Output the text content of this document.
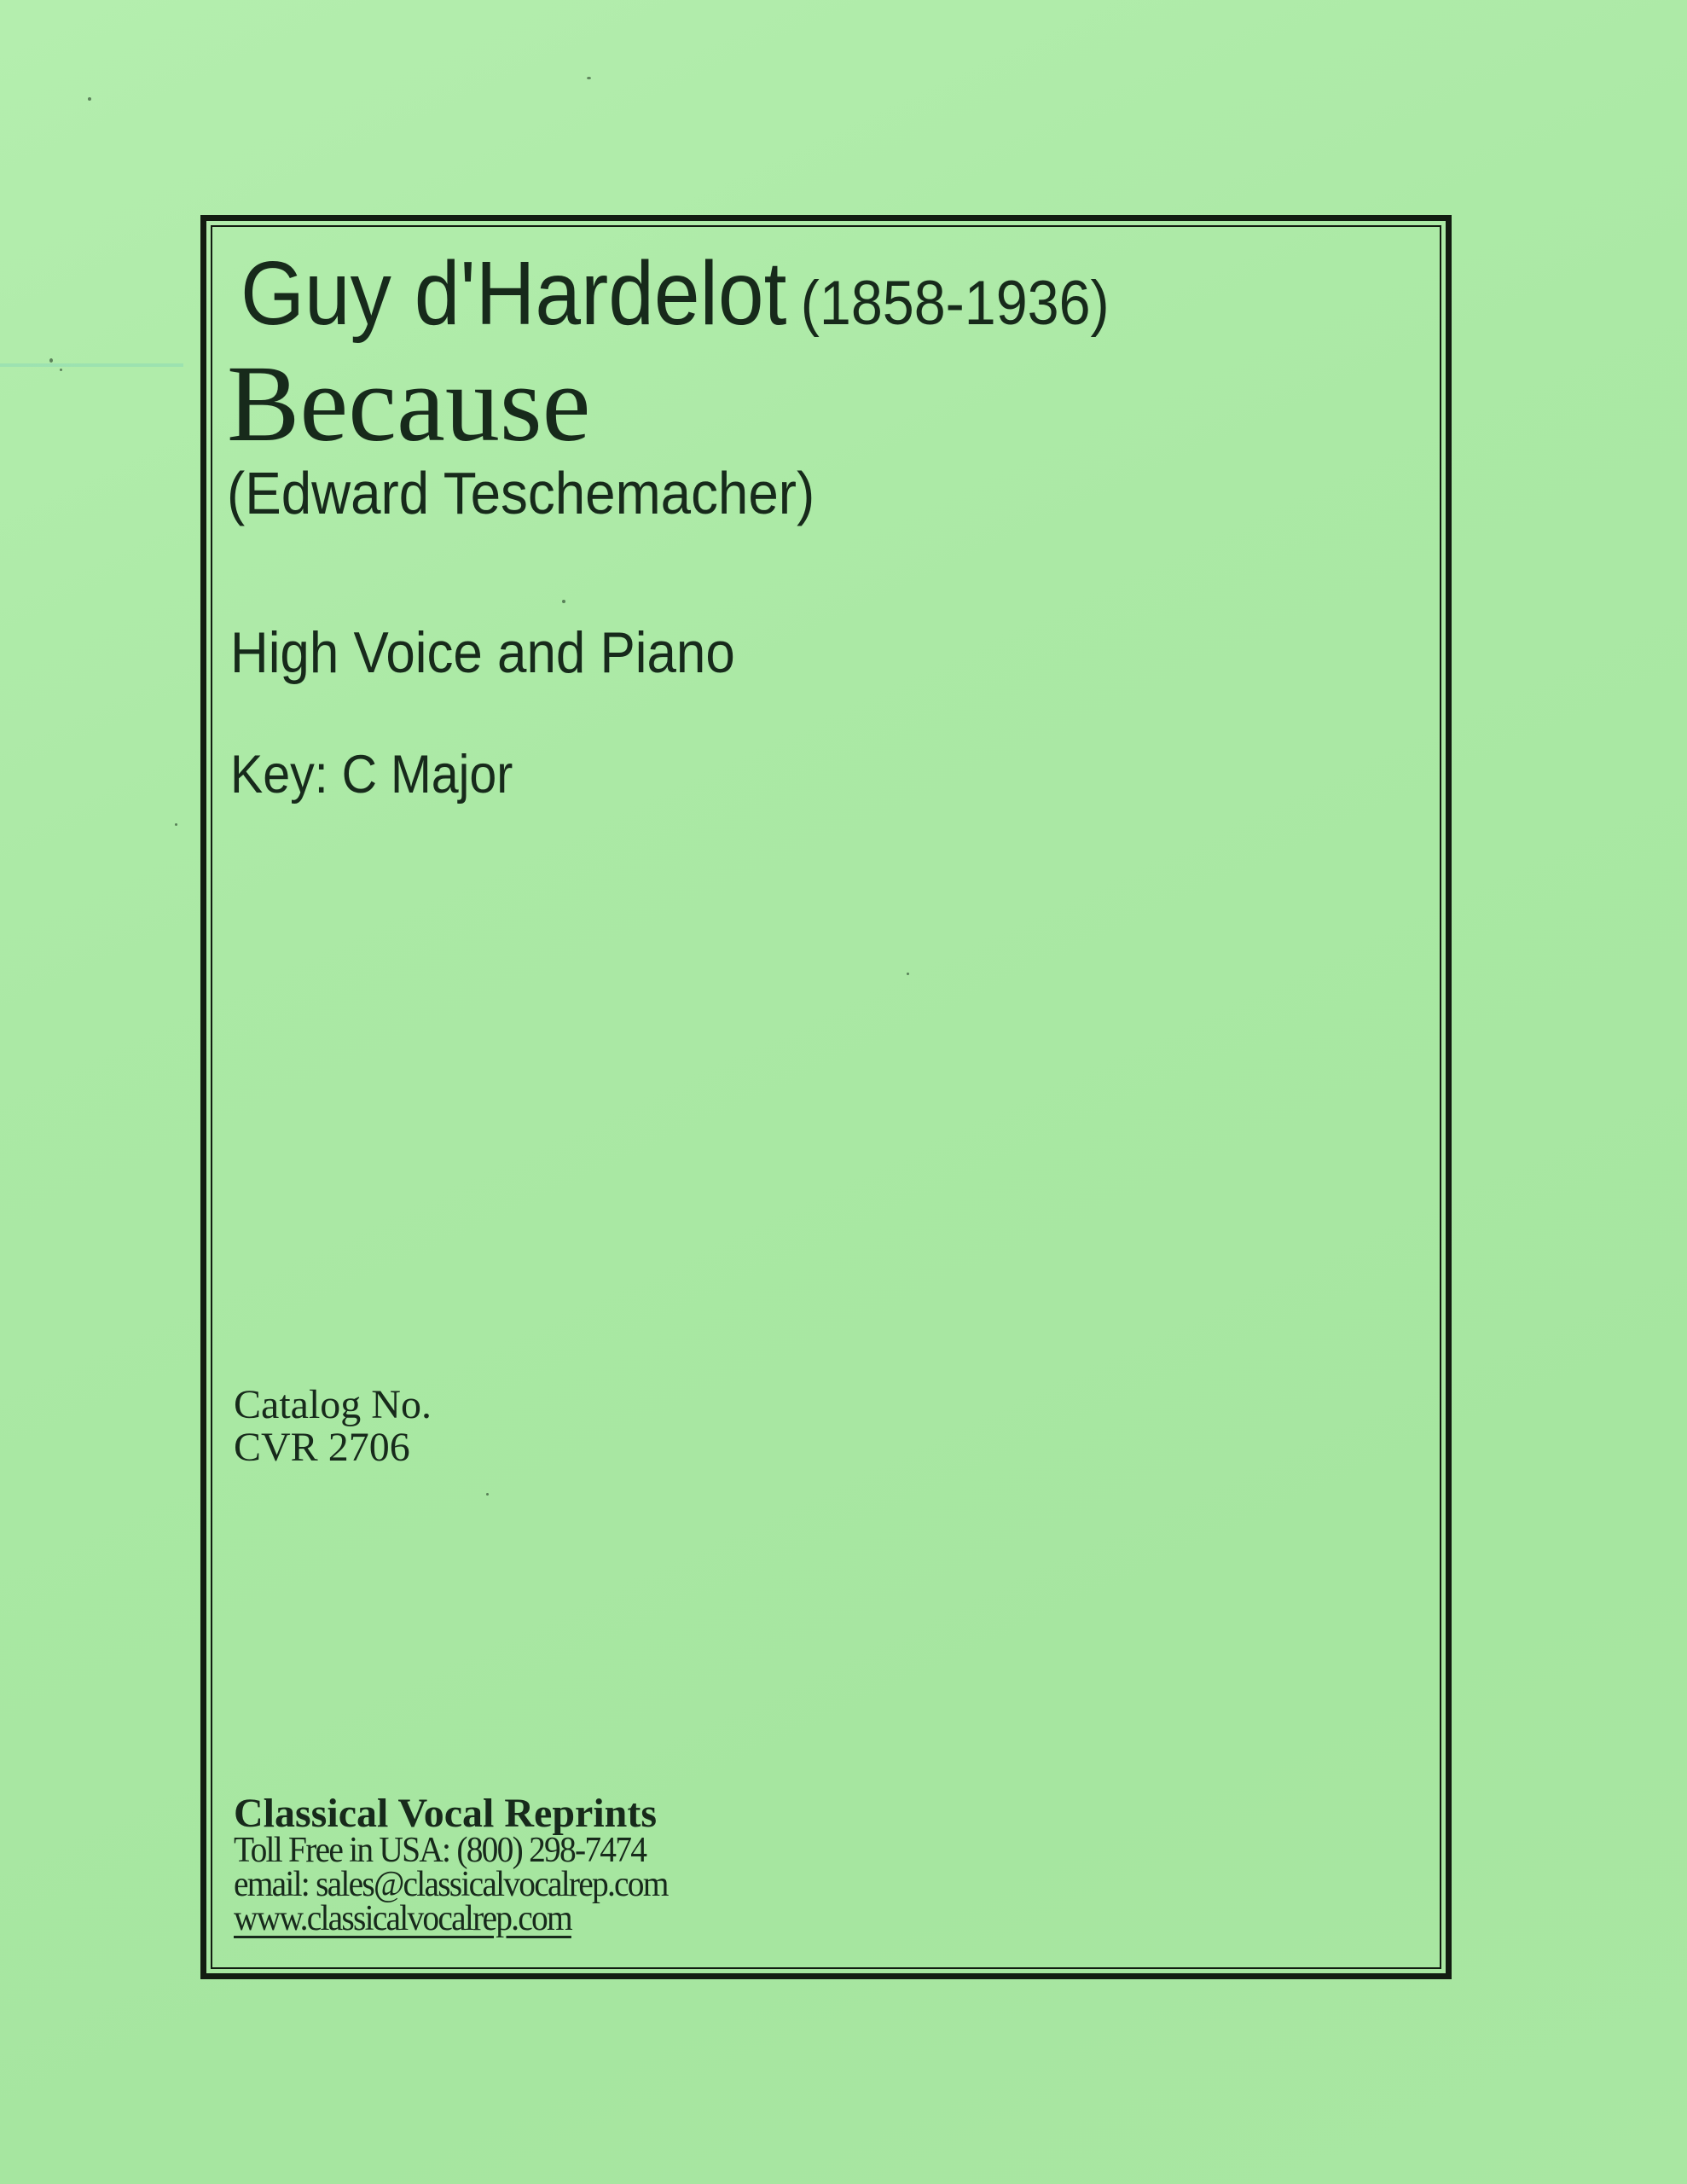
Guy d'Hardelot (1858-1936)
Because
(Edward Teschemacher)
High Voice and Piano
Key: C Major
Catalog No.
CVR 2706
Classical Vocal Reprints
Toll Free in USA: (800) 298-7474
email: sales@classicalvocalrep.com
www.classicalvocalrep.com
